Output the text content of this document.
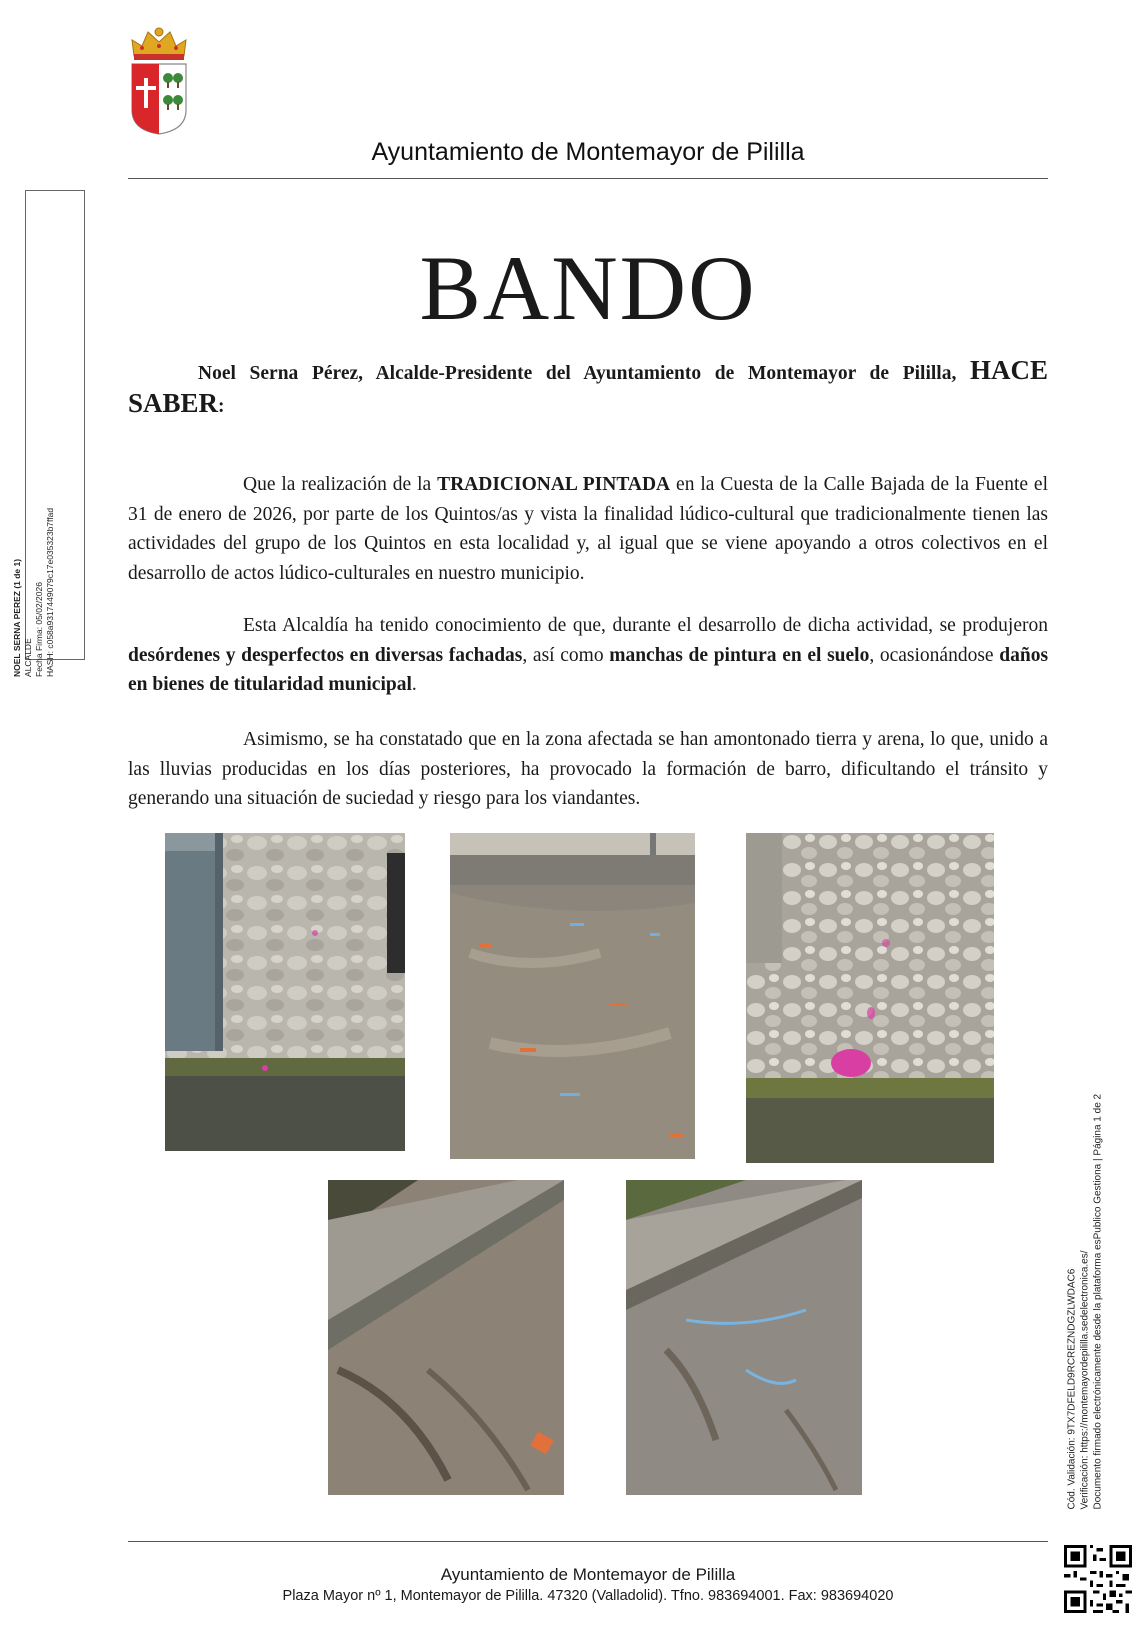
Ayuntamiento de Montemayor de Pililla
NOEL SERNA PEREZ (1 de 1) ALCALDE Fecha Firma: 05/02/2026 HASH: c058a9317449079c17e035323b7ffad
Cód. Validación: 9TX7DFELD9RCREZNDGZLWDAC6 Verificación: https://montemayordepililla.sedelectronica.es/ Documento firmado electrónicamente desde la plataforma esPublico Gestiona | Página 1 de 2
BANDO
Noel Serna Pérez, Alcalde-Presidente del Ayuntamiento de Montemayor de Pililla, HACE SABER:
Que la realización de la TRADICIONAL PINTADA en la Cuesta de la Calle Bajada de la Fuente el 31 de enero de 2026, por parte de los Quintos/as y vista la finalidad lúdico-cultural que tradicionalmente tienen las actividades del grupo de los Quintos en esta localidad y, al igual que se viene apoyando a otros colectivos en el desarrollo de actos lúdico-culturales en nuestro municipio.
Esta Alcaldía ha tenido conocimiento de que, durante el desarrollo de dicha actividad, se produjeron desórdenes y desperfectos en diversas fachadas, así como manchas de pintura en el suelo, ocasionándose daños en bienes de titularidad municipal.
Asimismo, se ha constatado que en la zona afectada se han amontonado tierra y arena, lo que, unido a las lluvias producidas en los días posteriores, ha provocado la formación de barro, dificultando el tránsito y generando una situación de suciedad y riesgo para los viandantes.
Ayuntamiento de Montemayor de Pililla
Plaza Mayor nº 1, Montemayor de Pililla. 47320 (Valladolid). Tfno. 983694001. Fax: 983694020
